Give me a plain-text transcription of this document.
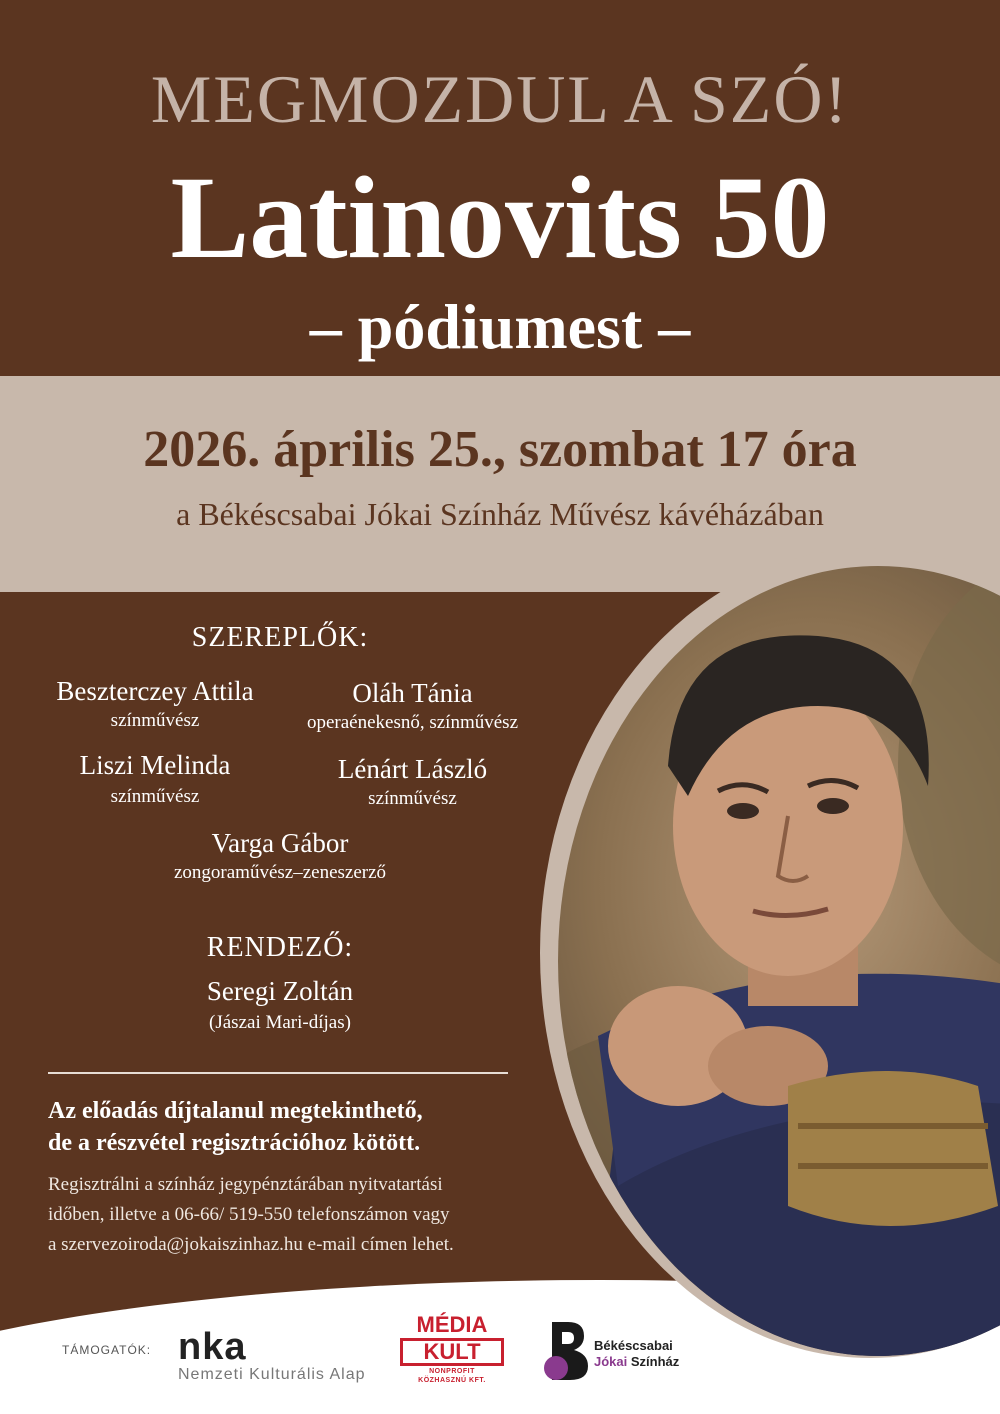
MEGMOZDUL A SZÓ!
Latinovits 50
– pódiumest –
2026. április 25., szombat 17 óra
a Békéscsabai Jókai Színház Művész kávéházában
SZEREPLŐK:
Beszterczey Attila
színművész
Oláh Tánia
operaénekesnő, színművész
Liszi Melinda
színművész
Lénárt László
színművész
Varga Gábor
zongoraművész–zeneszerző
RENDEZŐ:
Seregi Zoltán
(Jászai Mari-díjas)
Az előadás díjtalanul megtekinthető,
de a részvétel regisztrációhoz kötött.
Regisztrálni a színház jegypénztárában nyitvatartási
időben, illetve a 06-66/ 519-550 telefonszámon vagy
a szervezoiroda@jokaiszinhaz.hu e-mail címen lehet.
TÁMOGATÓK: nka
Nemzeti Kulturális Alap
MÉDIA
KULT
NONPROFIT
KÖZHASZNÚ KFT.
Békéscsabai
Jókai Színház
